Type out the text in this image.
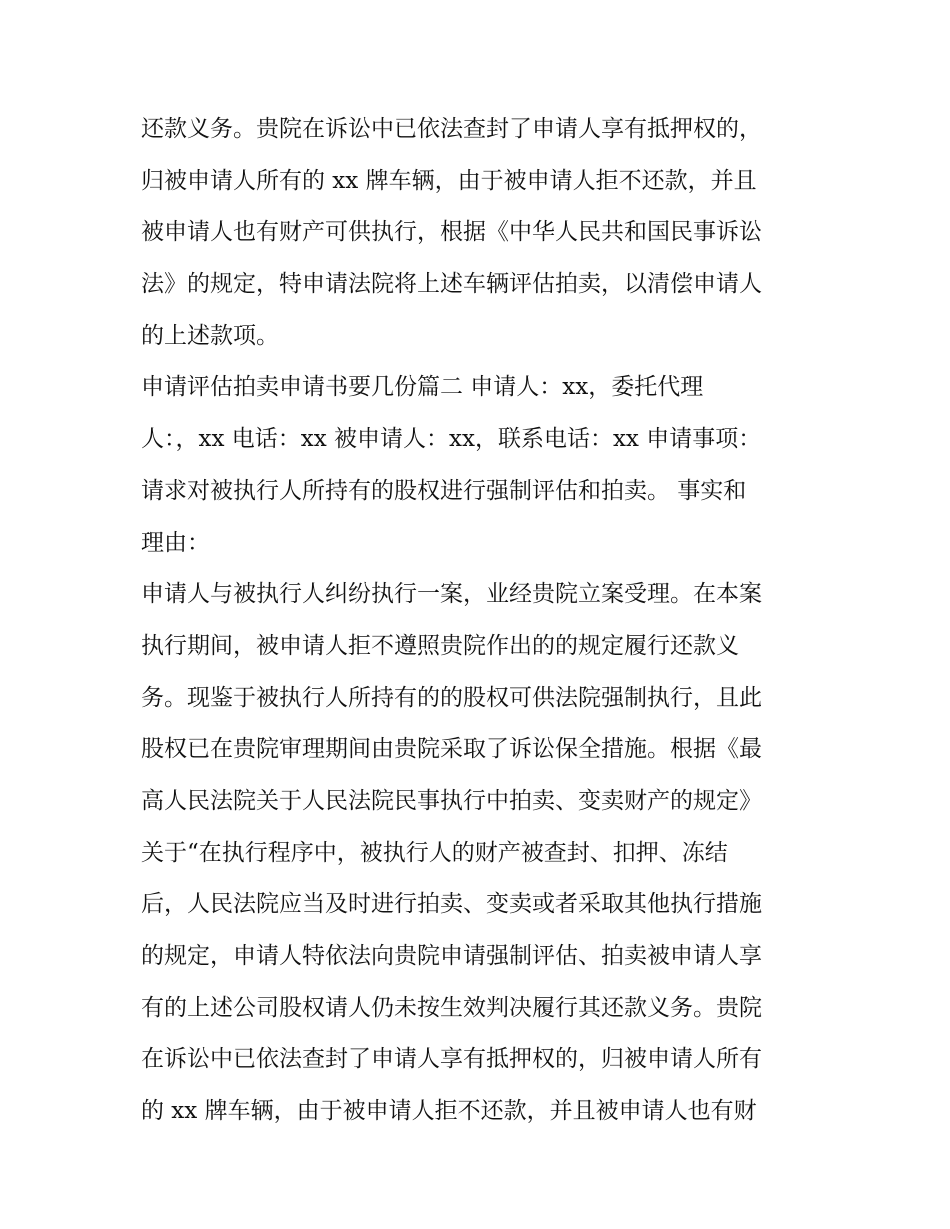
还款义务。贵院在诉讼中已依法查封了申请人享有抵押权的，
归被申请人所有的 xx 牌车辆，由于被申请人拒不还款，并且
被申请人也有财产可供执行，根据《中华人民共和国民事诉讼
法》的规定，特申请法院将上述车辆评估拍卖，以清偿申请人
的上述款项。
申请评估拍卖申请书要几份篇二 申请人：xx，委托代理
人：，xx 电话：xx 被申请人：xx，联系电话：xx 申请事项：
请求对被执行人所持有的股权进行强制评估和拍卖。 事实和
理由：
申请人与被执行人纠纷执行一案，业经贵院立案受理。在本案
执行期间，被申请人拒不遵照贵院作出的的规定履行还款义
务。现鉴于被执行人所持有的的股权可供法院强制执行，且此
股权已在贵院审理期间由贵院采取了诉讼保全措施。根据《最
高人民法院关于人民法院民事执行中拍卖、变卖财产的规定》
关于“在执行程序中，被执行人的财产被查封、扣押、冻结
后，人民法院应当及时进行拍卖、变卖或者采取其他执行措施
的规定，申请人特依法向贵院申请强制评估、拍卖被申请人享
有的上述公司股权请人仍未按生效判决履行其还款义务。贵院
在诉讼中已依法查封了申请人享有抵押权的，归被申请人所有
的 xx 牌车辆，由于被申请人拒不还款，并且被申请人也有财
